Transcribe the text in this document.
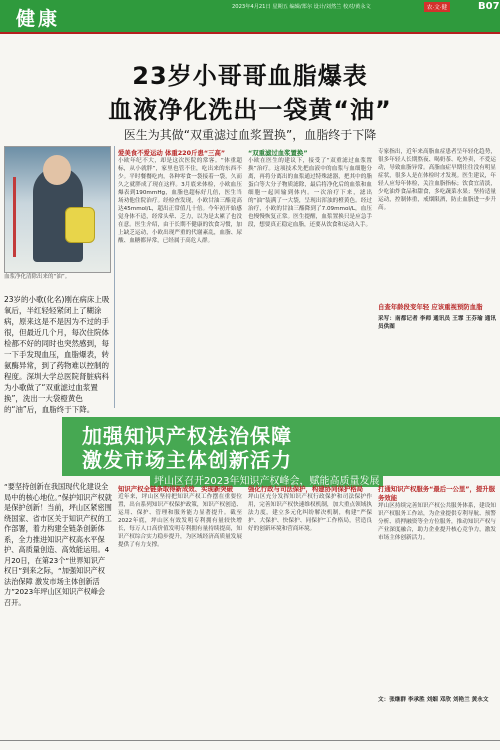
健康
2023年4月21日 星期五 编辑/郑尔 设计/刘然兰 校对/黄永文	农·文·健	B07
23岁小哥哥血脂爆表
血液净化洗出一袋黄“油”
医生为其做“双重滤过血浆置换”，血脂终于下降
血浆净化清除出来的“油”。
23岁的小歌(化名)刚在病床上吸氧后，半红轻轻紧闭上了糊涂病，原来这是不是因为不过的手很，但最近几个月，每次住院体检都不好的同时也突然感到，每一下手发现血压，血脂爆表，转氨酶异常，到了药物难以控制的程度。深圳大学总医院肾脏病科为小歌做了“双重滤过血浆置换”，洗出一大袋橙黄色的“油”后，血脂终于下降。
爱美食不爱运动 体重220斤患“三高”
小欧年纪不大，却是这次医院的常客。“体重超标，从小就胖”，家里也管不住，吃出来的东西不少。平时餐餐吃肉，各种零食一袋接着一袋，久而久之就胖成了现在这样。3月底来体检，小欧血压爆表到190mmHg，血脂也超标好几倍，医生当场劝他住院治疗。经检查发现，小欧甘油三酯竟高达45mmol/L，超出正常值几十倍。今年初开始感觉身体不适，经常头晕、乏力，以为是太累了也没在意。医生介绍，由于长期不健康的饮食习惯，加上缺乏运动，小欧出现严重的代谢紊乱，血脂、尿酸、血糖都异常，已经属于高危人群。
“双重滤过血浆置换”
小欧在医生的建议下，接受了“双重滤过血浆置换”治疗。这项技术先把血液中的血浆与血细胞分离，再将分离出的血浆通过特殊滤器，把其中的脂蛋白等大分子物质滤除，最后将净化后的血浆和血细胞一起回输到体内。一次治疗下来，滤出的“油”装满了一大袋，呈现出浑浊的橙黄色。经过治疗，小欧的甘油三酯降到了7.09mmol/L，血压也慢慢恢复正常。医生提醒，血浆置换只是应急手段，想要真正稳定血脂，还要从饮食和运动入手。
专家指出，近年来高脂血症患者呈年轻化趋势，很多年轻人长期熬夜、喝奶茶、吃外卖，不爱运动，导致血脂异常。高脂血症早期往往没有明显症状，很多人是在体检时才发现。医生建议，年轻人应每年体检，关注血脂指标；饮食宜清淡，少吃油炸食品和甜食，多吃蔬菜水果；坚持适量运动，控制体重，戒烟限酒，防止血脂进一步升高。
自查年龄段变年轻 应该重视预防血脂
采写：南都记者 李师 通讯员 王霏 王芬瑜 通讯员供图
加强知识产权法治保障
激发市场主体创新活力
坪山区召开2023年知识产权峰会，赋能高质量发展
“要坚持创新在我国现代化建设全局中的核心地位。”保护知识产权就是保护创新！当前，坪山区紧密围绕国家、省市区关于知识产权的工作部署，着力构建全链条创新体系，全力推进知识产权高水平保护、高质量创造、高效能运用。4月20日，在第23个“世界知识产权日”到来之际，“加强知识产权法治保障 激发市场主体创新活力”2023年坪山区知识产权峰会召开。
知识产权全链条取得新成效、实现新突破
近年来，坪山区坚持把知识产权工作摆在重要位置，出台系列知识产权保护政策，知识产权创造、运用、保护、管理和服务能力显著提升。截至2022年底，坪山区有效发明专利拥有量较快增长，每万人口高价值发明专利拥有量持续提高，知识产权综合实力稳步提升，为区域经济高质量发展提供了有力支撑。
强化行政与司法保护，构建协同保护格局
坪山区充分发挥知识产权行政保护和司法保护作用，完善知识产权快速维权机制，加大重点领域执法力度，建立多元化纠纷解决机制，构建“严保护、大保护、快保护、同保护”工作格局，营造良好的创新环境和营商环境。
打通知识产权服务“最后一公里”，提升服务效能
坪山区持续完善知识产权公共服务体系，建设知识产权服务工作站，为企业提供专利导航、预警分析、质押融资等全方位服务，推动知识产权与产业深度融合，助力企业提升核心竞争力，激发市场主体创新活力。
文：张继群 李承胜 刘姻 邓欣 刘艳兰 黄永文
